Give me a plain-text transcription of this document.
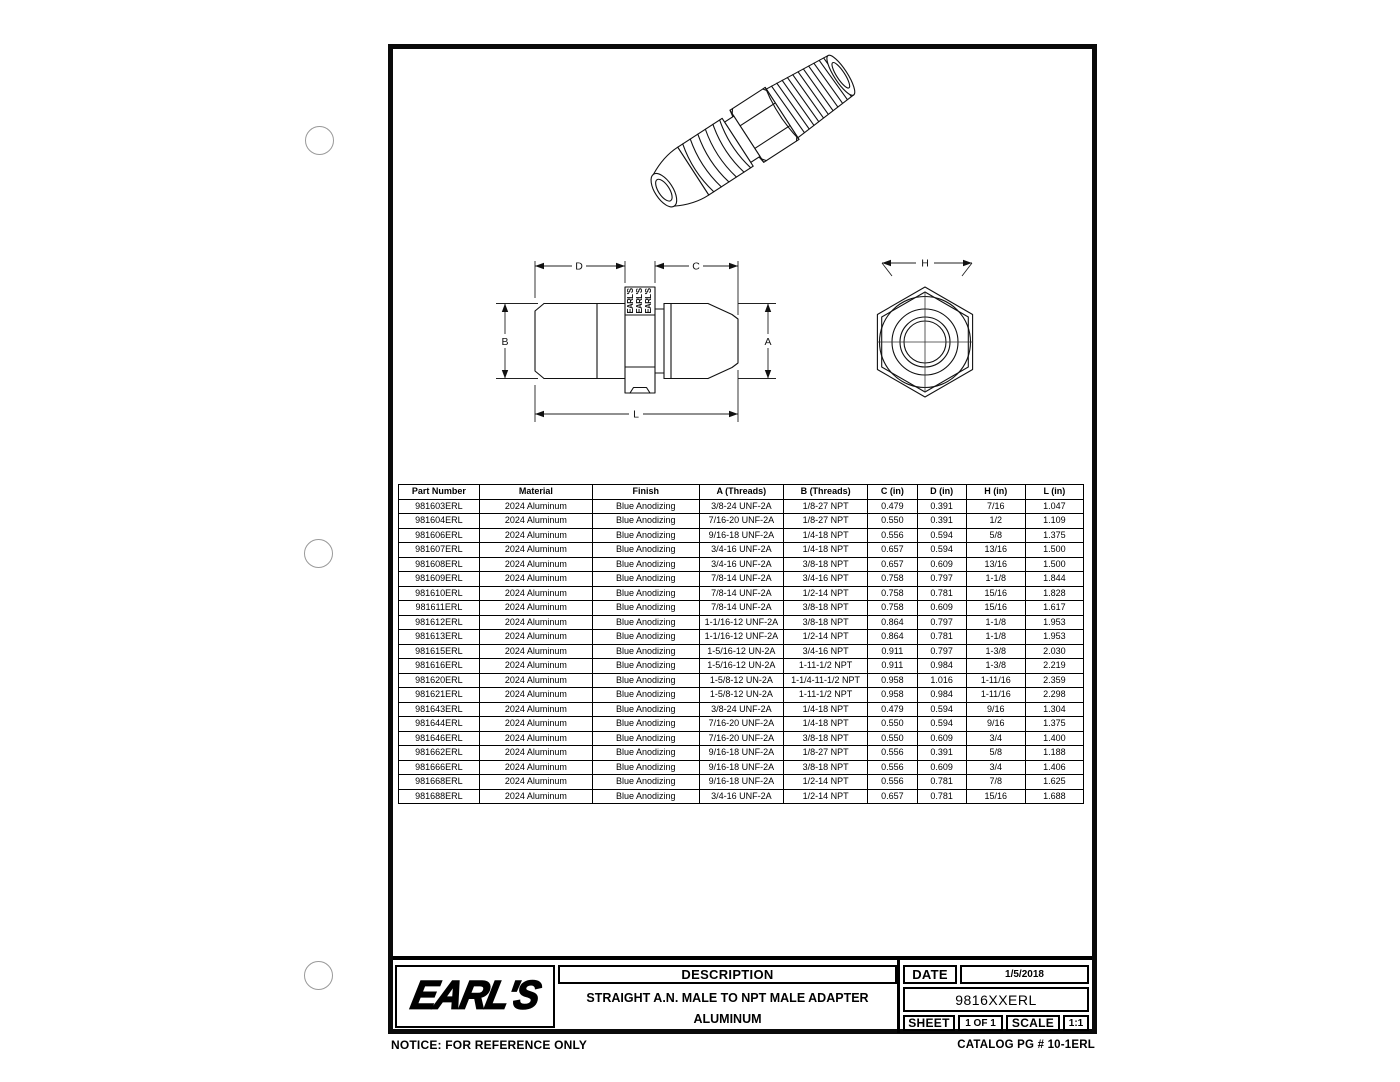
EARL'S EARL'S EARL'S
B	A
D	C
L
H
Part Number	Material	Finish	A (Threads)	B (Threads)	C (in)	D (in)	H (in)	L (in)
981603ERL	2024 Aluminum	Blue Anodizing	3/8-24 UNF-2A	1/8-27 NPT	0.479	0.391	7/16	1.047
981604ERL	2024 Aluminum	Blue Anodizing	7/16-20 UNF-2A	1/8-27 NPT	0.550	0.391	1/2	1.109
981606ERL	2024 Aluminum	Blue Anodizing	9/16-18 UNF-2A	1/4-18 NPT	0.556	0.594	5/8	1.375
981607ERL	2024 Aluminum	Blue Anodizing	3/4-16 UNF-2A	1/4-18 NPT	0.657	0.594	13/16	1.500
981608ERL	2024 Aluminum	Blue Anodizing	3/4-16 UNF-2A	3/8-18 NPT	0.657	0.609	13/16	1.500
981609ERL	2024 Aluminum	Blue Anodizing	7/8-14 UNF-2A	3/4-16 NPT	0.758	0.797	1-1/8	1.844
981610ERL	2024 Aluminum	Blue Anodizing	7/8-14 UNF-2A	1/2-14 NPT	0.758	0.781	15/16	1.828
981611ERL	2024 Aluminum	Blue Anodizing	7/8-14 UNF-2A	3/8-18 NPT	0.758	0.609	15/16	1.617
981612ERL	2024 Aluminum	Blue Anodizing	1-1/16-12 UNF-2A	3/8-18 NPT	0.864	0.797	1-1/8	1.953
981613ERL	2024 Aluminum	Blue Anodizing	1-1/16-12 UNF-2A	1/2-14 NPT	0.864	0.781	1-1/8	1.953
981615ERL	2024 Aluminum	Blue Anodizing	1-5/16-12 UN-2A	3/4-16 NPT	0.911	0.797	1-3/8	2.030
981616ERL	2024 Aluminum	Blue Anodizing	1-5/16-12 UN-2A	1-11-1/2 NPT	0.911	0.984	1-3/8	2.219
981620ERL	2024 Aluminum	Blue Anodizing	1-5/8-12 UN-2A	1-1/4-11-1/2 NPT	0.958	1.016	1-11/16	2.359
981621ERL	2024 Aluminum	Blue Anodizing	1-5/8-12 UN-2A	1-11-1/2 NPT	0.958	0.984	1-11/16	2.298
981643ERL	2024 Aluminum	Blue Anodizing	3/8-24 UNF-2A	1/4-18 NPT	0.479	0.594	9/16	1.304
981644ERL	2024 Aluminum	Blue Anodizing	7/16-20 UNF-2A	1/4-18 NPT	0.550	0.594	9/16	1.375
981646ERL	2024 Aluminum	Blue Anodizing	7/16-20 UNF-2A	3/8-18 NPT	0.550	0.609	3/4	1.400
981662ERL	2024 Aluminum	Blue Anodizing	9/16-18 UNF-2A	1/8-27 NPT	0.556	0.391	5/8	1.188
981666ERL	2024 Aluminum	Blue Anodizing	9/16-18 UNF-2A	3/8-18 NPT	0.556	0.609	3/4	1.406
981668ERL	2024 Aluminum	Blue Anodizing	9/16-18 UNF-2A	1/2-14 NPT	0.556	0.781	7/8	1.625
981688ERL	2024 Aluminum	Blue Anodizing	3/4-16 UNF-2A	1/2-14 NPT	0.657	0.781	15/16	1.688
EARL'S	DESCRIPTION
STRAIGHT A.N. MALE TO NPT MALE ADAPTER
ALUMINUM
DATE	1/5/2018
9816XXERL
SHEET 1 OF 1 SCALE 1:1
NOTICE: FOR REFERENCE ONLY	CATALOG PG # 10-1ERL
